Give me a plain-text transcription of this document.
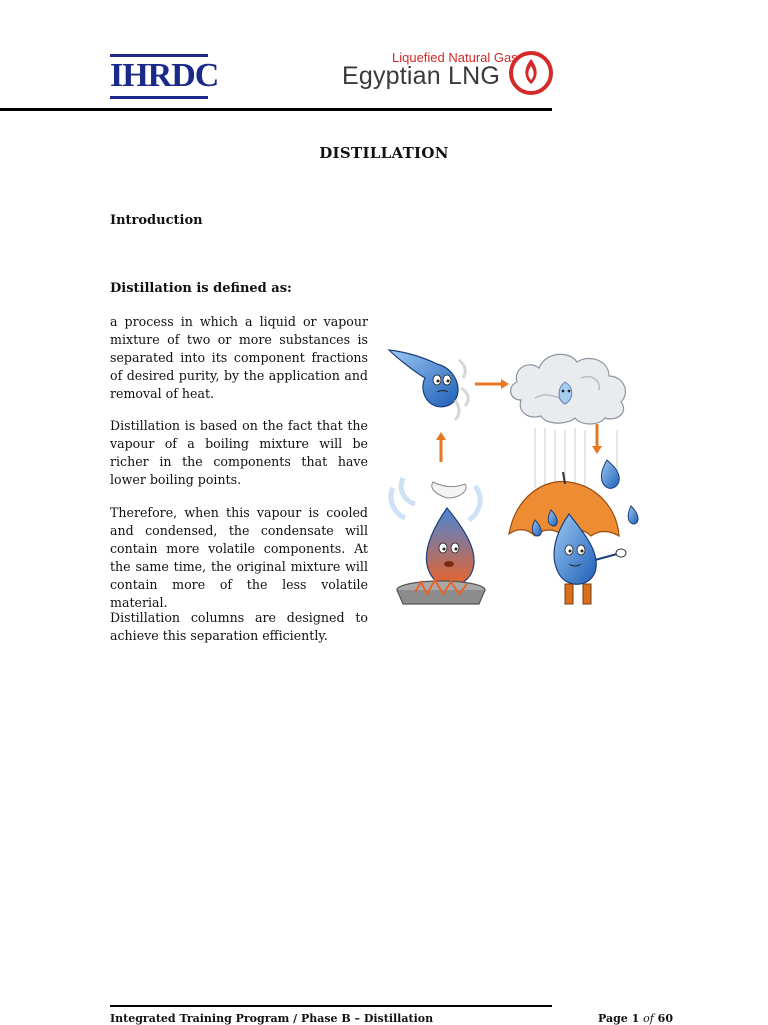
IHRDC	Liquefied Natural Gas
Egyptian LNG
DISTILLATION
Introduction
Distillation is defined as:

a process in which a liquid or vapour mixture of two or more substances is separated into its component fractions of desired purity, by the application and removal of heat.

Distillation is based on the fact that the vapour of a boiling mixture will be richer in the components that have lower boiling points.

Therefore, when this vapour is cooled and condensed, the condensate will contain more volatile components. At the same time, the original mixture will contain more of the less volatile material.

Distillation columns are designed to achieve this separation efficiently.

Integrated Training Program / Phase B – Distillation	Page 1 of 60
